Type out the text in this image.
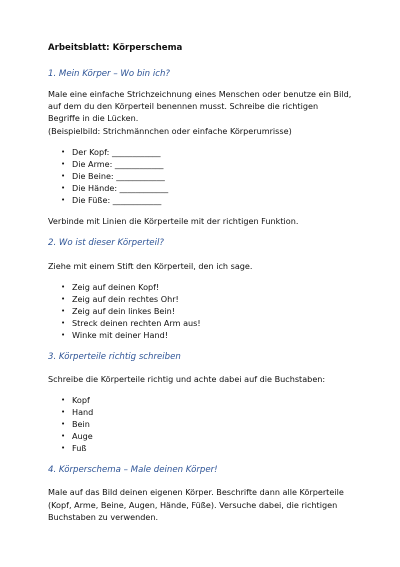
Arbeitsblatt: Körperschema

1. Mein Körper – Wo bin ich?

Male eine einfache Strichzeichnung eines Menschen oder benutze ein Bild,
auf dem du den Körperteil benennen musst. Schreibe die richtigen
Begriffe in die Lücken.
(Beispielbild: Strichmännchen oder einfache Körperumrisse)

• Der Kopf: ____________
• Die Arme: ____________
• Die Beine: ____________
• Die Hände: ____________
• Die Füße: ____________

Verbinde mit Linien die Körperteile mit der richtigen Funktion.

2. Wo ist dieser Körperteil?

Ziehe mit einem Stift den Körperteil, den ich sage.

• Zeig auf deinen Kopf!
• Zeig auf dein rechtes Ohr!
• Zeig auf dein linkes Bein!
• Streck deinen rechten Arm aus!
• Winke mit deiner Hand!

3. Körperteile richtig schreiben

Schreibe die Körperteile richtig und achte dabei auf die Buchstaben:

• Kopf
• Hand
• Bein
• Auge
• Fuß

4. Körperschema – Male deinen Körper!

Male auf das Bild deinen eigenen Körper. Beschrifte dann alle Körperteile
(Kopf, Arme, Beine, Augen, Hände, Füße). Versuche dabei, die richtigen
Buchstaben zu verwenden.
